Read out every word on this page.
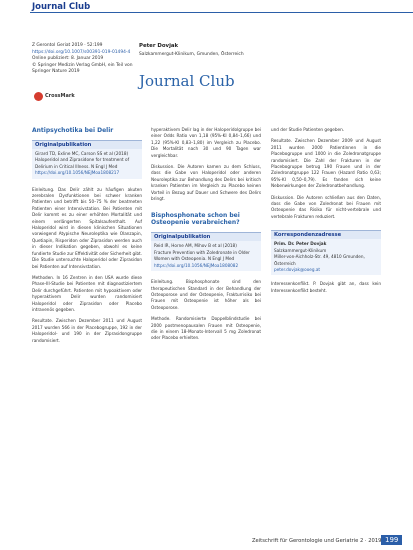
Journal Club
Z Gerontol Geriat 2019 · 52:199
https://doi.org/10.1007/s00391-019-01494-4
Online publiziert: 8. Januar 2019
© Springer Medizin Verlag GmbH, ein Teil von
Springer Nature 2019
CrossMark
Peter Dovjak
Salzkammergut-Klinikum, Gmunden, Österreich
Journal Club
Antipsychotika bei Delir
Originalpublikation
Girard TD, Exline MC, Carson SS et al (2018)
Haloperidol and Ziprasidone for treatment of
Delirium in Critical Illness. N Engl J Med
https://doi.org/10.1056/NEJMoa1808217
Einleitung. Das Delir zählt zu häufigen akuten zerebralen Dysfunktionen bei schwer kranken Patienten und betrifft bis 50–75 % der beatmeten Patienten einer Intensivstation. Bei Patienten mit Delir kommt es zu einer erhöhten Mortalität und einem verlängerten Spitalsaufenthalt. Auf Haloperidol wird in diesen klinischen Situationen vorwiegend Atypische Neuroleptika wie Olanzapin, Quetiapin, Risperidon oder Ziprasidon werden auch in dieser Indikation gegeben, obwohl es keine fundierte Studie zur Effektivität oder Sicherheit gibt. Die Studie untersuchte Haloperidol oder Ziprasidon bei Patienten auf Intensivstation.
Methoden. In 16 Zentren in den USA wurde diese Phase-III-Studie bei Patienten mit diagnostiziertem Delir durchgeführt. Patienten mit hypoaktivem oder hyperaktivem Delir wurden randomisiert Haloperidol oder Ziprasidon oder Placebo intravenös gegeben.
Resultate. Zwischen Dezember 2011 und August 2017 wurden 566 in der Placebogruppe, 192 in der Haloperidol- und 190 in der Ziprasidongruppe randomisiert.
hyperaktivem Delir lag in der Haloperidolgruppe bei einer Odds Ratio von 1,18 (95%-KI 0,84–1,66) und 1,22 (95%-KI 0,83–1,80) im Vergleich zu Placebo. Die Mortalität nach 30 und 90 Tagen war vergleichbar.
Diskussion. Die Autoren kamen zu dem Schluss, dass die Gabe von Haloperidol oder anderen Neuroleptika zur Behandlung des Delirs bei kritisch kranken Patienten im Vergleich zu Placebo keinen Vorteil in Bezug auf Dauer und Schwere des Delirs bringt.
Bisphosphonate schon bei Osteopenie verabreichen?
Originalpublikation
Reid IR, Horne AM, Mihov B et al (2018)
Fracture Prevention with Zoledronate in Older
Women with Osteopenia. N Engl J Med
https://doi.org/10.1056/NEJMoa1808082
Einleitung. Bisphosphonate sind den therapeutischen Standard in der Behandlung der Osteoporose und der Osteopenie, Frakturrisiko bei Frauen mit Osteopenie ist höher als bei Osteoporose.
Methode. Randomisierte Doppelblindstudie bei 2000 postmenopausalen Frauen mit Osteopenie, die in einem 18-Monats-Intervall 5 mg Zoledronat oder Placebo erhielten.
und der Studie Patienten gegeben.
Resultate. Zwischen Dezember 2009 und August 2011 wurden 2000 Patientinnen in die Placebogruppe und 1000 in die Zoledronatgruppe randomisiert. Die Zahl der Frakturen in der Placebogruppe betrug 190 Frauen und in der Zoledronatgruppe 122 Frauen (Hazard Ratio 0,63; 95%-KI 0,50–0,79). Es fanden sich keine Nebenwirkungen der Zoledronatbehandlung.
Diskussion. Die Autoren schließen aus den Daten, dass die Gabe von Zoledronat bei Frauen mit Osteopenie das Risiko für nicht-vertebrale und vertebrale Frakturen reduziert.
Korrespondenzadresse
Prim. Dr. Peter Dovjak
Salzkammergut-Klinikum
Miller-von-Aichholz-Str. 49, 4810 Gmunden,
Österreich
peter.dovjak@ooeg.at
Interessenkonflikt. P. Dovjak gibt an, dass kein Interessenkonflikt besteht.
Zeitschrift für Gerontologie und Geriatrie 2 · 2019 199
